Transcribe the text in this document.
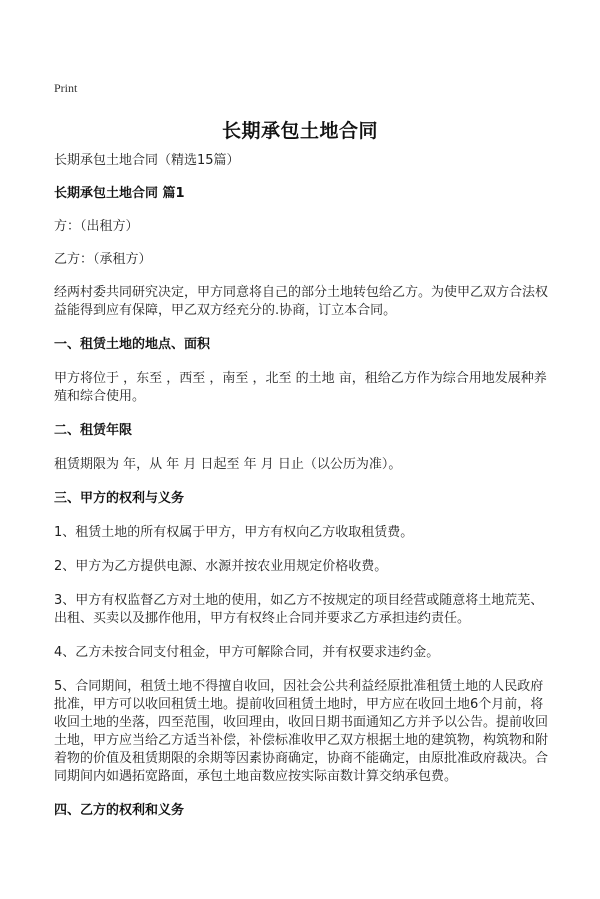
Print
长期承包土地合同

长期承包土地合同（精选15篇）

长期承包土地合同 篇1

方：（出租方）

乙方：（承租方）

经两村委共同研究决定，甲方同意将自己的部分土地转包给乙方。为使甲乙双方合法权益能得到应有保障，甲乙双方经充分的.协商，订立本合同。

一、租赁土地的地点、面积

甲方将位于 ，东至 ，西至 ，南至 ，北至 的土地 亩，租给乙方作为综合用地发展种养殖和综合使用。

二、租赁年限

租赁期限为 年，从 年 月 日起至 年 月 日止（以公历为准）。

三、甲方的权利与义务

1、租赁土地的所有权属于甲方，甲方有权向乙方收取租赁费。

2、甲方为乙方提供电源、水源并按农业用规定价格收费。

3、甲方有权监督乙方对土地的使用，如乙方不按规定的项目经营或随意将土地荒芜、出租、买卖以及挪作他用，甲方有权终止合同并要求乙方承担违约责任。

4、乙方未按合同支付租金，甲方可解除合同，并有权要求违约金。

5、合同期间，租赁土地不得擅自收回，因社会公共利益经原批准租赁土地的人民政府批准，甲方可以收回租赁土地。提前收回租赁土地时，甲方应在收回土地6个月前，将收回土地的坐落，四至范围，收回理由，收回日期书面通知乙方并予以公告。提前收回土地，甲方应当给乙方适当补偿，补偿标准收甲乙双方根据土地的建筑物，构筑物和附着物的价值及租赁期限的余期等因素协商确定，协商不能确定，由原批准政府裁决。合同期间内如遇拓宽路面，承包土地亩数应按实际亩数计算交纳承包费。

四、乙方的权利和义务
